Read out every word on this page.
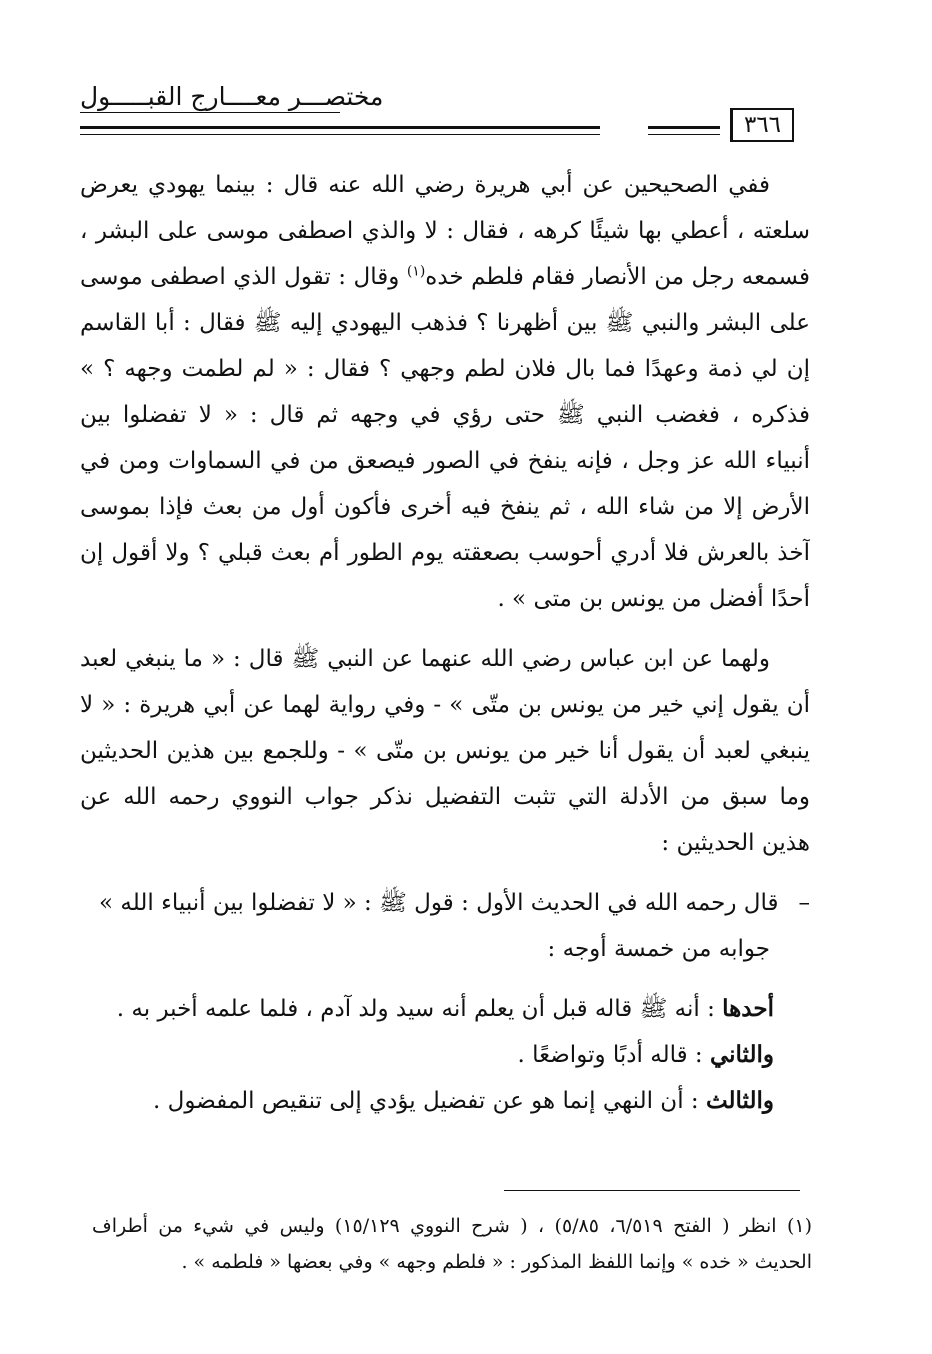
مختصـــر معــــارج القبـــــول
٣٦٦
ففي الصحيحين عن أبي هريرة رضي الله عنه قال : بينما يهودي يعرض
سلعته ، أعطي بها شيئًا كرهه ، فقال : لا والذي اصطفى موسى على البشر ،
فسمعه رجل من الأنصار فقام فلطم خده$^{(١)}$ وقال : تقول الذي اصطفى موسى
على البشر والنبي ﷺ بين أظهرنا ؟ فذهب اليهودي إليه ﷺ فقال : أبا القاسم
إن لي ذمة وعهدًا فما بال فلان لطم وجهي ؟ فقال : « لم لطمت وجهه ؟ »
فذكره ، فغضب النبي ﷺ حتى رؤي في وجهه ثم قال : « لا تفضلوا بين
أنبياء الله عز وجل ، فإنه ينفخ في الصور فيصعق من في السماوات ومن في
الأرض إلا من شاء الله ، ثم ينفخ فيه أخرى فأكون أول من بعث فإذا بموسى
آخذ بالعرش فلا أدري أحوسب بصعقته يوم الطور أم بعث قبلي ؟ ولا أقول إن
أحدًا أفضل من يونس بن متى » .
ولهما عن ابن عباس رضي الله عنهما عن النبي ﷺ قال : « ما ينبغي لعبد
أن يقول إني خير من يونس بن متّى » - وفي رواية لهما عن أبي هريرة : « لا
ينبغي لعبد أن يقول أنا خير من يونس بن متّى » - وللجمع بين هذين الحديثين
وما سبق من الأدلة التي تثبت التفضيل نذكر جواب النووي رحمه الله عن
هذين الحديثين :
–قال رحمه الله في الحديث الأول : قول ﷺ : « لا تفضلوا بين أنبياء الله »
جوابه من خمسة أوجه :
أحدها : أنه ﷺ قاله قبل أن يعلم أنه سيد ولد آدم ، فلما علمه أخبر به .
والثاني : قاله أدبًا وتواضعًا .
والثالث : أن النهي إنما هو عن تفضيل يؤدي إلى تنقيص المفضول .
(١) انظر ( الفتح ٦/٥١٩، ٥/٨٥) ، ( شرح النووي ١٥/١٢٩) وليس في شيء من أطراف
الحديث « خده » وإنما اللفظ المذكور : « فلطم وجهه » وفي بعضها « فلطمه » .
